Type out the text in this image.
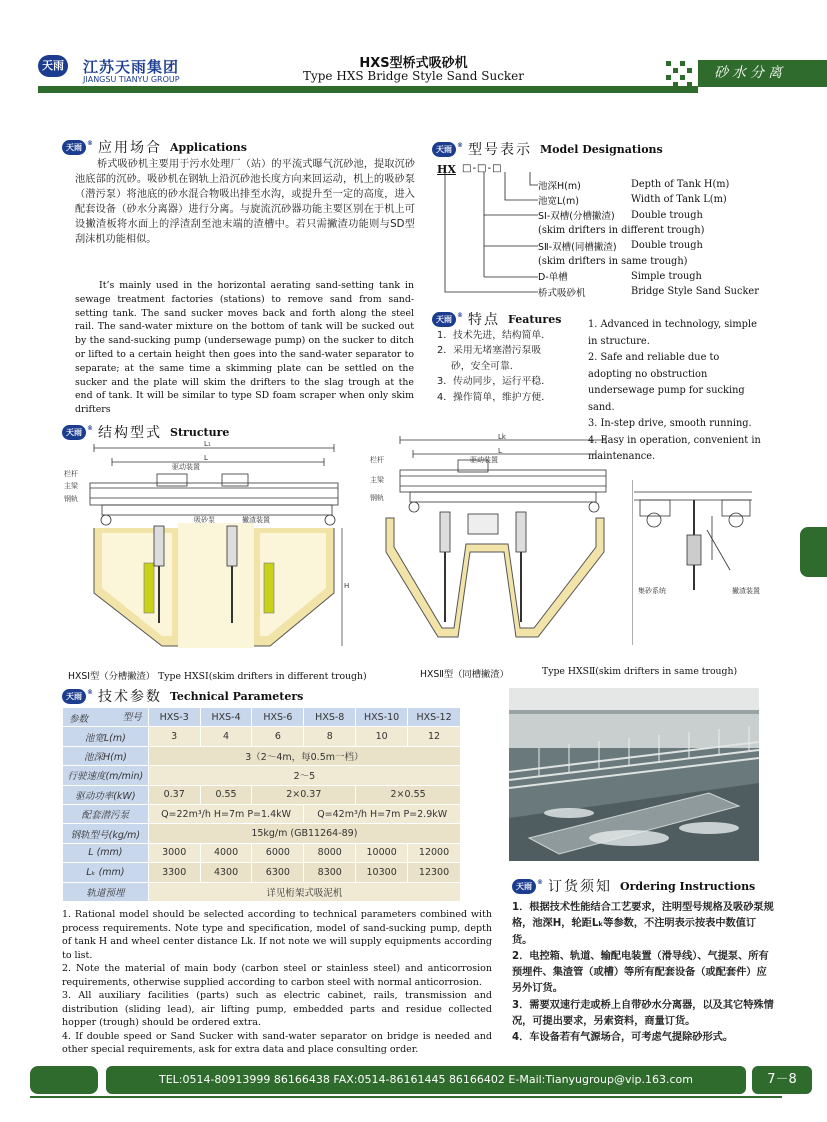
天雨 江苏天雨集团
JIANGSU TIANYU GROUP
HXS型桥式吸砂机
Type HXS Bridge Style Sand Sucker	砂水分离
天雨 ® 应用场合 Applications
桥式吸砂机主要用于污水处理厂（站）的平流式曝气沉砂池，提取沉砂池底部的沉砂。吸砂机在钢轨上沿沉砂池长度方向来回运动，机上的吸砂泵（潜污泵）将池底的砂水混合物吸出排至水沟，或提升至一定的高度，进入配套设备（砂水分离器）进行分离。与旋流沉砂器功能主要区别在于机上可设撇渣板将水面上的浮渣刮至池末端的渣槽中。若只需撇渣功能则与SD型刮沫机功能相似。
It’s mainly used in the horizontal aerating sand-setting tank in sewage treatment factories (stations) to remove sand from sand-setting tank. The sand sucker moves back and forth along the steel rail. The sand-water mixture on the bottom of tank will be sucked out by the sand-sucking pump (undersewage pump) on the sucker to ditch or lifted to a certain height then goes into the sand-water separator to separate; at the same time a skimming plate can be settled on the sucker and the plate will skim the drifters to the slag trough at the end of tank. It will be similar to type SD foam scraper when only skim drifters
天雨 ® 型号表示 Model Designations
HX □-□-□
池深H(m)	Depth of Tank H(m)
池宽L(m)	Width of Tank L(m)
SⅠ-双槽(分槽撇渣)	Double trough
(skim drifters in different trough)
SⅡ-双槽(同槽撇渣)	Double trough
(skim drifters in same trough)
D-单槽	Simple trough
桥式吸砂机	Bridge Style Sand Sucker
天雨 ® 特点 Features
1．技术先进，结构简单．
2．采用无堵塞潜污泵吸
砂，安全可靠．
3．传动同步，运行平稳．
4．操作简单，维护方便．
1. Advanced in technology, simple in structure.
2. Safe and reliable due to adopting no obstruction undersewage pump for sucking sand.
3. In-step drive, smooth running.
4. Easy in operation, convenient in maintenance.
天雨 ® 结构型式 Structure
栏杆
主梁
钢轨
驱动装置
吸砂泵	撇渣装置
L₁
L
H
栏杆
主梁
钢轨
驱动装置
Lk
L
集砂系统	撇渣装置
HXSⅠ型（分槽撇渣） Type HXSⅠ(skim drifters in different trough)	HXSⅡ型（同槽撇渣）	Type HXSⅡ(skim drifters in same trough)
天雨 ® 技术参数 Technical Parameters
型号
参数	HXS-3	HXS-4	HXS-6	HXS-8	HXS-10	HXS-12
池宽L(m)	3	4	6	8	10	12
池深H(m)	3（2～4m，每0.5m一档）					
行驶速度(m/min)	2～5					
驱动功率(kW)	0.37	0.55	2×0.37		2×0.55	
配套潜污泵	Q=22m³/h H=7m P=1.4kW			Q=42m³/h H=7m P=2.9kW		
钢轨型号(kg/m)	15kg/m (GB11264-89)					
L (mm)	3000	4000	6000	8000	10000	12000
Lₖ (mm)	3300	4300	6300	8300	10300	12300
轨道预埋	详见桁架式吸泥机					

1. Rational model should be selected according to technical parameters combined with process requirements. Note type and specification, model of sand-sucking pump, depth of tank H and wheel center distance Lk. If not note we will supply equipments according to list.

2. Note the material of main body (carbon steel or stainless steel) and anticorrosion requirements, otherwise supplied according to carbon steel with normal anticorrosion.

3. All auxiliary facilities (parts) such as electric cabinet, rails, transmission and distribution (sliding lead), air lifting pump, embedded parts and residue collected hopper (trough) should be ordered extra.

4. If double speed or Sand Sucker with sand-water separator on bridge is needed and other special requirements, ask for extra data and place consulting order.

天雨 ® 订货须知 Ordering Instructions
1．根据技术性能结合工艺要求，注明型号规格及吸砂泵规格，池深H，轮距Lₖ等参数，不注明表示按表中数值订货。
2．电控箱、轨道、输配电装置（滑导线）、气提泵、所有预埋件、集渣管（或槽）等所有配套设备（或配套件）应另外订货。
3．需要双速行走或桥上自带砂水分离器，以及其它特殊情况，可提出要求，另索资料，商量订货。
4．车设备若有气源场合，可考虑气提除砂形式。
TEL:0514-80913999 86166438 FAX:0514-86161445 86166402 E-Mail:Tianyugroup@vip.163.com	7－8
